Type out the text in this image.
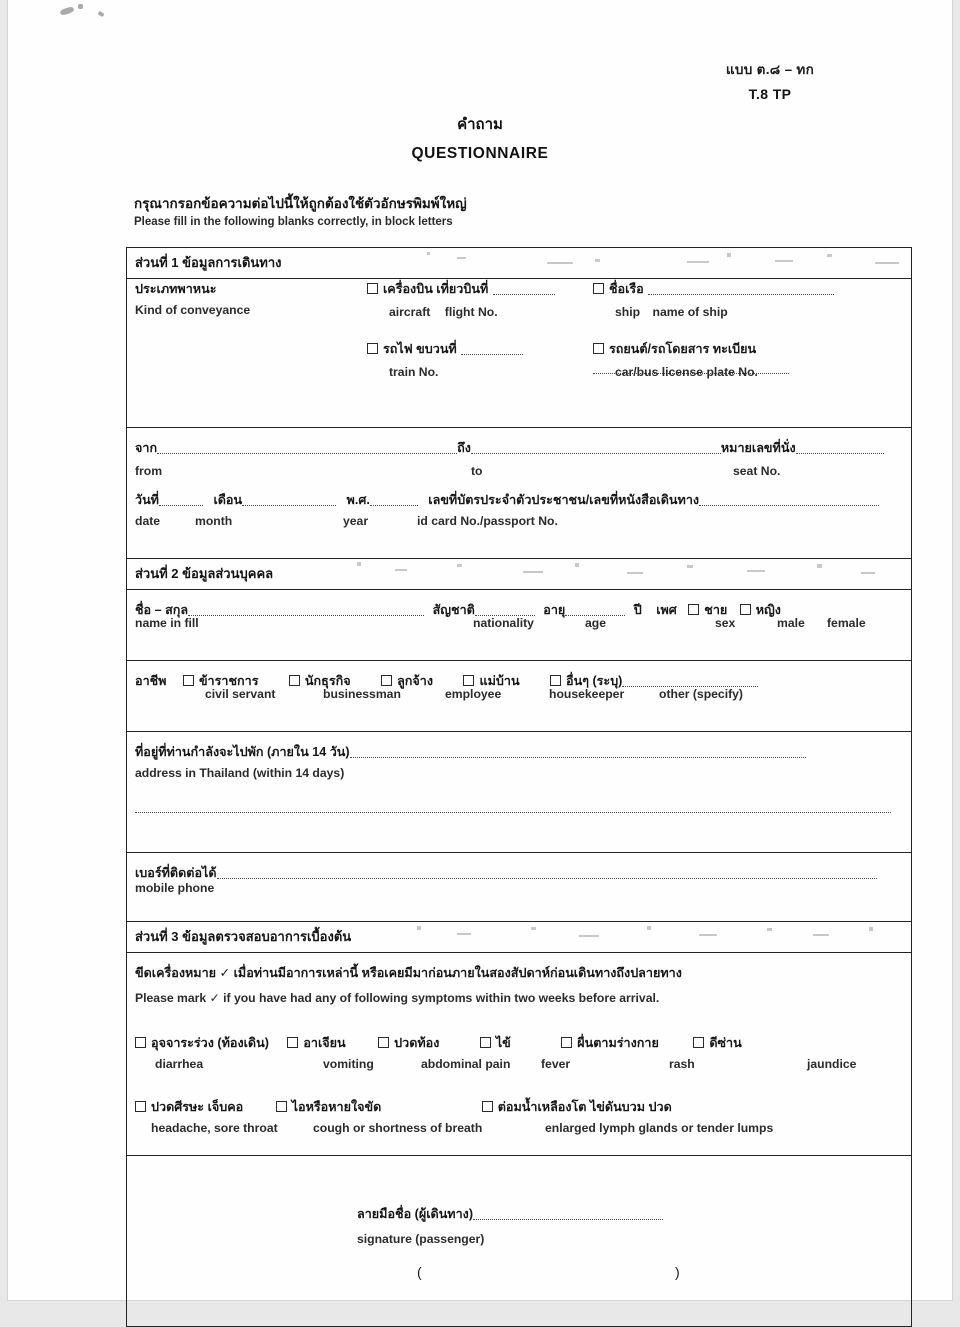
แบบ ต.๘ – ทก
T.8 TP
คำถาม
QUESTIONNAIRE
กรุณากรอกข้อความต่อไปนี้ให้ถูกต้องใช้ตัวอักษรพิมพ์ใหญ่
Please fill in the following blanks correctly, in block letters
ส่วนที่ 1 ข้อมูลการเดินทาง
ประเภทพาหนะ
Kind of conveyance
เครื่องบิน เที่ยวบินที่
aircraft flight No.
ชื่อเรือ
ship name of ship
รถไฟ ขบวนที่
train No.
รถยนต์/รถโดยสาร ทะเบียน
car/bus license plate No.
จาก	ถึง	หมายเลขที่นั่ง
from	to	seat No.
วันที่	เดือน	พ.ศ.	เลขที่บัตรประจำตัวประชาชน/เลขที่หนังสือเดินทาง
date	month	year	id card No./passport No.
ส่วนที่ 2 ข้อมูลส่วนบุคคล
ชื่อ – สกุล	สัญชาติ	อายุ	ปี เพศ ชาย หญิง
name in fill	nationality	age	sex	male female
อาชีพ	ข้าราชการ	นักธุรกิจ	ลูกจ้าง	แม่บ้าน	อื่นๆ (ระบุ)
civil servant	businessman	employee	housekeeper	other (specify)
ที่อยู่ที่ท่านกำลังจะไปพัก (ภายใน 14 วัน)
address in Thailand (within 14 days)
เบอร์ที่ติดต่อได้
mobile phone
ส่วนที่ 3 ข้อมูลตรวจสอบอาการเบื้องต้น
ขีดเครื่องหมาย ✓ เมื่อท่านมีอาการเหล่านี้ หรือเคยมีมาก่อนภายในสองสัปดาห์ก่อนเดินทางถึงปลายทาง
Please mark ✓ if you have had any of following symptoms within two weeks before arrival.
อุจจาระร่วง (ท้องเดิน)	อาเจียน	ปวดท้อง	ไข้	ผื่นตามร่างกาย	ดีซ่าน
diarrhea	vomiting	abdominal pain	fever	rash	jaundice
ปวดศีรษะ เจ็บคอ	ไอหรือหายใจขัด	ต่อมน้ำเหลืองโต ไข่ดันบวม ปวด
headache, sore throat	cough or shortness of breath	enlarged lymph glands or tender lumps
ลายมือชื่อ (ผู้เดินทาง)
signature (passenger)
(	)
